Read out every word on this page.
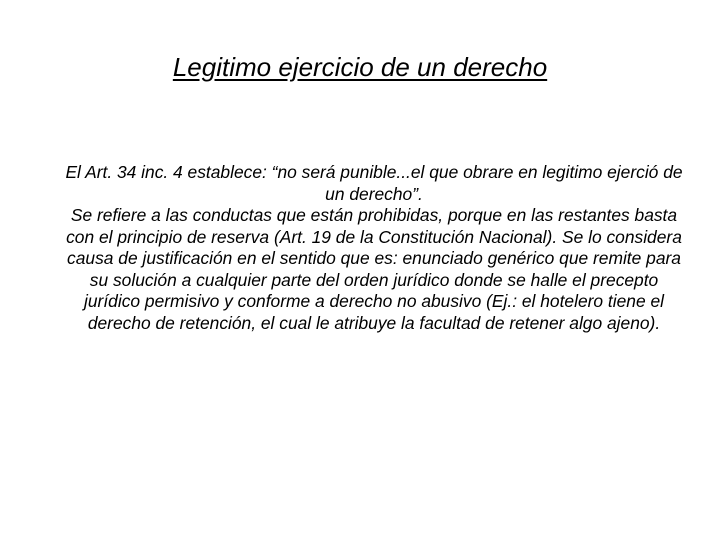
Legitimo ejercicio de un derecho

El Art. 34 inc. 4 establece: “no será punible...el que obrare en legitimo ejerció de un derecho”.

Se refiere a las conductas que están prohibidas, porque en las restantes basta con el principio de reserva (Art. 19 de la Constitución Nacional). Se lo considera causa de justificación en el sentido que es: enunciado genérico que remite para su solución a cualquier parte del orden jurídico donde se halle el precepto jurídico permisivo y conforme a derecho no abusivo (Ej.: el hotelero tiene el derecho de retención, el cual le atribuye la facultad de retener algo ajeno).
